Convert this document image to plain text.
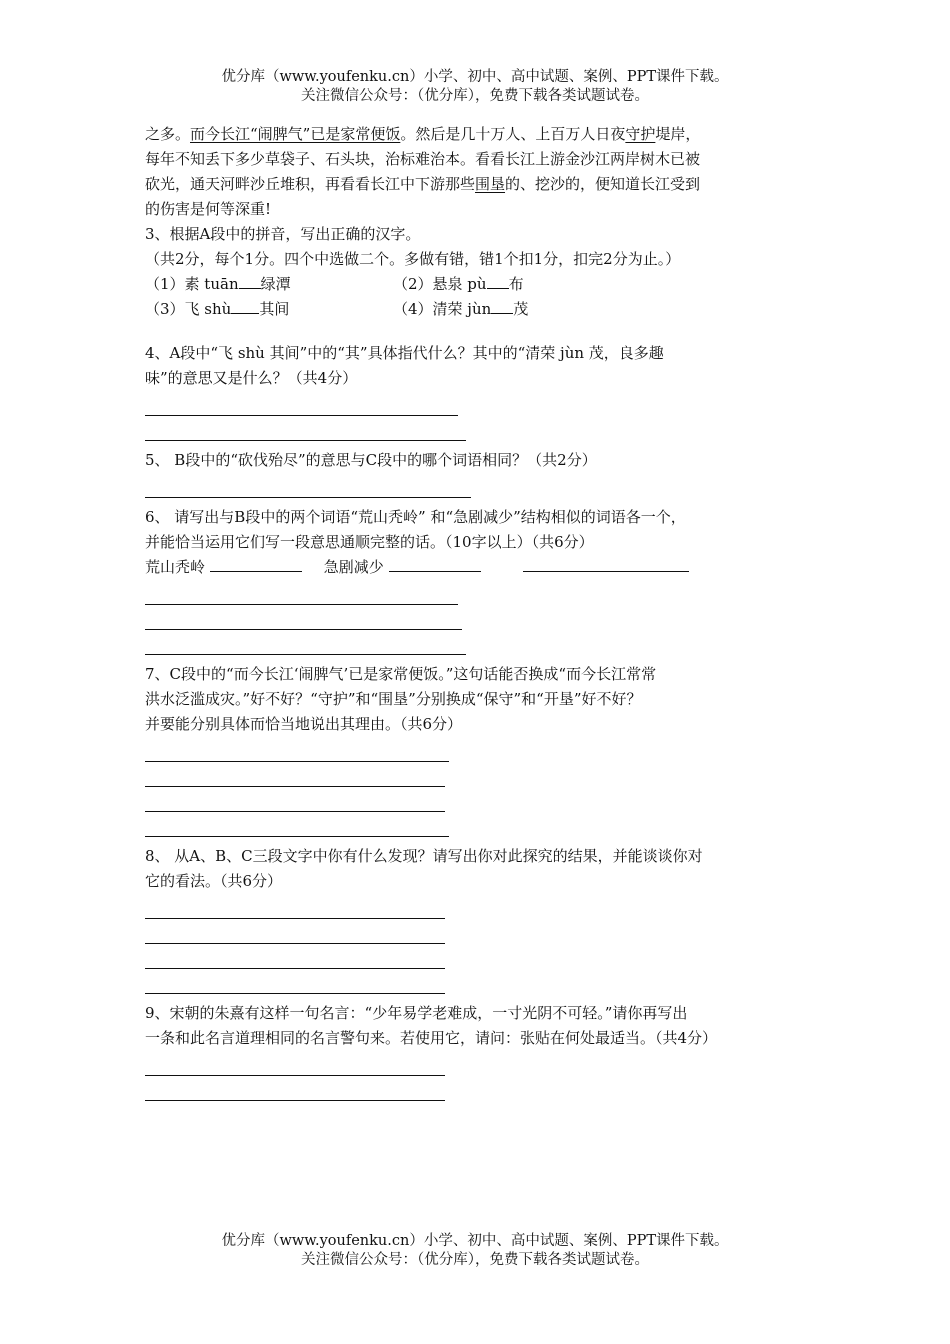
优分库（www.youfenku.cn）小学、初中、高中试题、案例、PPT课件下载。

关注微信公众号：（优分库），免费下载各类试题试卷。

之多。而今长江“闹脾气”已是家常便饭。然后是几十万人、上百万人日夜守护堤岸，

每年不知丢下多少草袋子、石头块，治标难治本。看看长江上游金沙江两岸树木已被

砍光，通天河畔沙丘堆积，再看看长江中下游那些围垦的、挖沙的，便知道长江受到

的伤害是何等深重!

3、根据A段中的拼音，写出正确的汉字。

（共2分，每个1分。四个中选做二个。多做有错，错1个扣1分，扣完2分为止。）

（1）素 tuān 绿潭	（2）悬泉 pù 布

（3）飞 shù 其间	（4）清荣 jùn 茂

4、A段中“飞 shù 其间”中的“其”具体指代什么？其中的“清荣 jùn 茂，良多趣

味”的意思又是什么？（共4分）

5、 B段中的“砍伐殆尽”的意思与C段中的哪个词语相同？（共2分）

6、 请写出与B段中的两个词语“荒山秃岭” 和“急剧减少”结构相似的词语各一个，

并能恰当运用它们写一段意思通顺完整的话。（10字以上）（共6分）

荒山秃岭	急剧减少

7、C段中的“而今长江‘闹脾气’已是家常便饭。”这句话能否换成“而今长江常常

洪水泛滥成灾。”好不好？“守护”和“围垦”分别换成“保守”和“开垦”好不好？

并要能分别具体而恰当地说出其理由。（共6分）

8、 从A、B、C三段文字中你有什么发现？请写出你对此探究的结果，并能谈谈你对

它的看法。（共6分）

9、宋朝的朱熹有这样一句名言：“少年易学老难成，一寸光阴不可轻。”请你再写出

一条和此名言道理相同的名言警句来。若使用它，请问：张贴在何处最适当。（共4分）

优分库（www.youfenku.cn）小学、初中、高中试题、案例、PPT课件下载。

关注微信公众号：（优分库），免费下载各类试题试卷。
